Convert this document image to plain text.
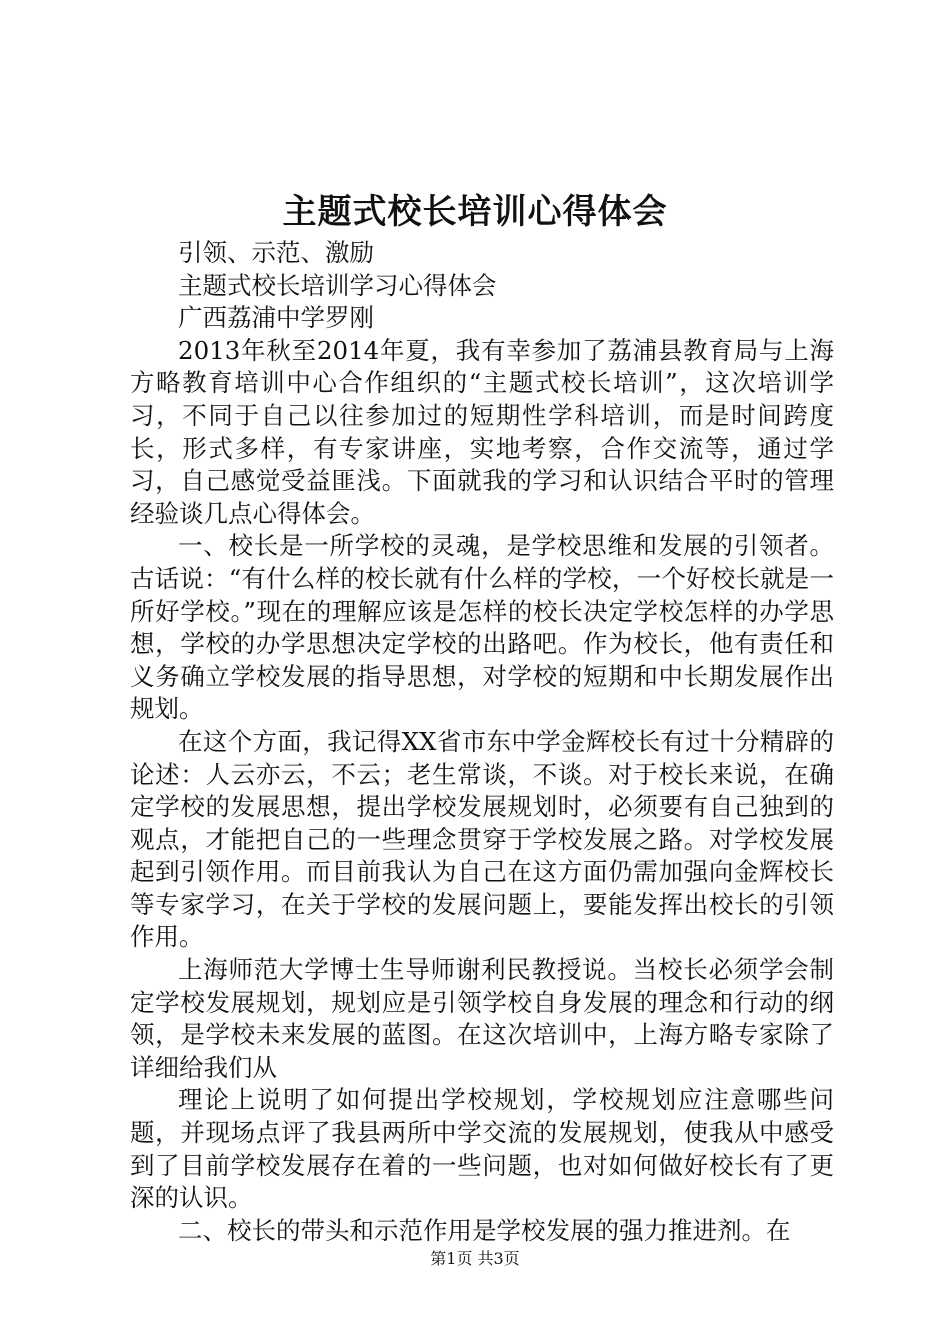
主题式校长培训心得体会

引领、示范、激励

主题式校长培训学习心得体会

广西荔浦中学罗刚

2013年秋至2014年夏，我有幸参加了荔浦县教育局与上海方略教育培训中心合作组织的“主题式校长培训”，这次培训学习，不同于自己以往参加过的短期性学科培训，而是时间跨度长，形式多样，有专家讲座，实地考察，合作交流等，通过学习，自己感觉受益匪浅。下面就我的学习和认识结合平时的管理经验谈几点心得体会。

一、校长是一所学校的灵魂，是学校思维和发展的引领者。古话说：“有什么样的校长就有什么样的学校，一个好校长就是一所好学校。”现在的理解应该是怎样的校长决定学校怎样的办学思想，学校的办学思想决定学校的出路吧。作为校长，他有责任和义务确立学校发展的指导思想，对学校的短期和中长期发展作出规划。

在这个方面，我记得XX省市东中学金辉校长有过十分精辟的论述：人云亦云，不云；老生常谈，不谈。对于校长来说，在确定学校的发展思想，提出学校发展规划时，必须要有自己独到的观点，才能把自己的一些理念贯穿于学校发展之路。对学校发展起到引领作用。而目前我认为自己在这方面仍需加强向金辉校长等专家学习，在关于学校的发展问题上，要能发挥出校长的引领作用。

上海师范大学博士生导师谢利民教授说。当校长必须学会制定学校发展规划，规划应是引领学校自身发展的理念和行动的纲领，是学校未来发展的蓝图。在这次培训中，上海方略专家除了详细给我们从

理论上说明了如何提出学校规划，学校规划应注意哪些问题，并现场点评了我县两所中学交流的发展规划，使我从中感受到了目前学校发展存在着的一些问题，也对如何做好校长有了更深的认识。

二、校长的带头和示范作用是学校发展的强力推进剂。在

第1页 共3页
